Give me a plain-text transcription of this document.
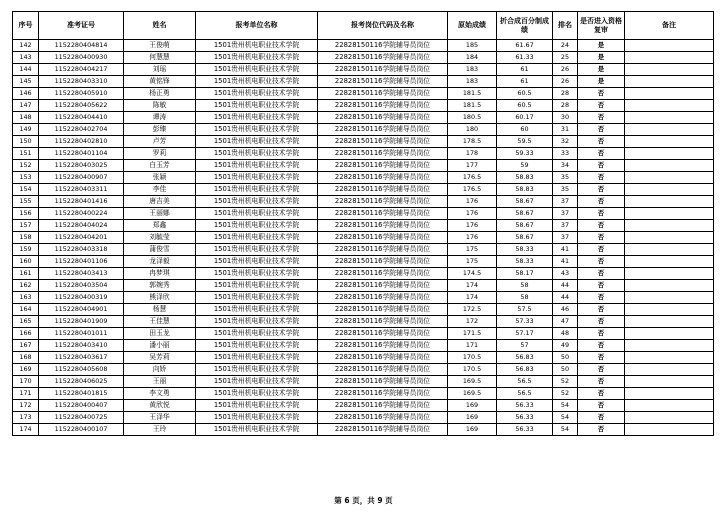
序号	准考证号	姓名	报考单位名称	报考岗位代码及名称	原始成绩	折合成百分制成绩	排名	是否进入资格复审	备注
142	1152280404814	王俊萌	1501贵州机电职业技术学院	22828150116学院辅导员岗位	185	61.67	24	是	
143	1152280400930	何慧慧	1501贵州机电职业技术学院	22828150116学院辅导员岗位	184	61.33	25	是	
144	1152280404217	刘瑶	1501贵州机电职业技术学院	22828150116学院辅导员岗位	183	61	26	是	
145	1152280403310	黄铭锋	1501贵州机电职业技术学院	22828150116学院辅导员岗位	183	61	26	是	
146	1152280405910	杨正勇	1501贵州机电职业技术学院	22828150116学院辅导员岗位	181.5	60.5	28	否	
147	1152280405622	陈敏	1501贵州机电职业技术学院	22828150116学院辅导员岗位	181.5	60.5	28	否	
148	1152280404410	谭涛	1501贵州机电职业技术学院	22828150116学院辅导员岗位	180.5	60.17	30	否	
149	1152280402704	彭臻	1501贵州机电职业技术学院	22828150116学院辅导员岗位	180	60	31	否	
150	1152280402810	卢芳	1501贵州机电职业技术学院	22828150116学院辅导员岗位	178.5	59.5	32	否	
151	1152280401104	罗莉	1501贵州机电职业技术学院	22828150116学院辅导员岗位	178	59.33	33	否	
152	1152280403025	白玉芳	1501贵州机电职业技术学院	22828150116学院辅导员岗位	177	59	34	否	
153	1152280400907	张颖	1501贵州机电职业技术学院	22828150116学院辅导员岗位	176.5	58.83	35	否	
154	1152280403311	李佳	1501贵州机电职业技术学院	22828150116学院辅导员岗位	176.5	58.83	35	否	
155	1152280401416	唐吉美	1501贵州机电职业技术学院	22828150116学院辅导员岗位	176	58.67	37	否	
156	1152280400224	王丽娜	1501贵州机电职业技术学院	22828150116学院辅导员岗位	176	58.67	37	否	
157	1152280404024	郑鑫	1501贵州机电职业技术学院	22828150116学院辅导员岗位	176	58.67	37	否	
158	1152280404201	刘毓莹	1501贵州机电职业技术学院	22828150116学院辅导员岗位	176	58.67	37	否	
159	1152280403318	蒲俊雪	1501贵州机电职业技术学院	22828150116学院辅导员岗位	175	58.33	41	否	
160	1152280401106	龙泽毅	1501贵州机电职业技术学院	22828150116学院辅导员岗位	175	58.33	41	否	
161	1152280403413	冉梦琪	1501贵州机电职业技术学院	22828150116学院辅导员岗位	174.5	58.17	43	否	
162	1152280403504	郭婉秀	1501贵州机电职业技术学院	22828150116学院辅导员岗位	174	58	44	否	
163	1152280400319	熊泽欣	1501贵州机电职业技术学院	22828150116学院辅导员岗位	174	58	44	否	
164	1152280404901	杨慧	1501贵州机电职业技术学院	22828150116学院辅导员岗位	172.5	57.5	46	否	
165	1152280401909	王佳慧	1501贵州机电职业技术学院	22828150116学院辅导员岗位	172	57.33	47	否	
166	1152280401011	田玉龙	1501贵州机电职业技术学院	22828150116学院辅导员岗位	171.5	57.17	48	否	
167	1152280403410	潘小丽	1501贵州机电职业技术学院	22828150116学院辅导员岗位	171	57	49	否	
168	1152280403617	吴芳莉	1501贵州机电职业技术学院	22828150116学院辅导员岗位	170.5	56.83	50	否	
169	1152280405608	向娇	1501贵州机电职业技术学院	22828150116学院辅导员岗位	170.5	56.83	50	否	
170	1152280406025	王丽	1501贵州机电职业技术学院	22828150116学院辅导员岗位	169.5	56.5	52	否	
171	1152280401815	李文勇	1501贵州机电职业技术学院	22828150116学院辅导员岗位	169.5	56.5	52	否	
172	1152280400407	黄欣悦	1501贵州机电职业技术学院	22828150116学院辅导员岗位	169	56.33	54	否	
173	1152280400725	王泽华	1501贵州机电职业技术学院	22828150116学院辅导员岗位	169	56.33	54	否	
174	1152280400107	王玲	1501贵州机电职业技术学院	22828150116学院辅导员岗位	169	56.33	54	否	
第 6 页，共 9 页
